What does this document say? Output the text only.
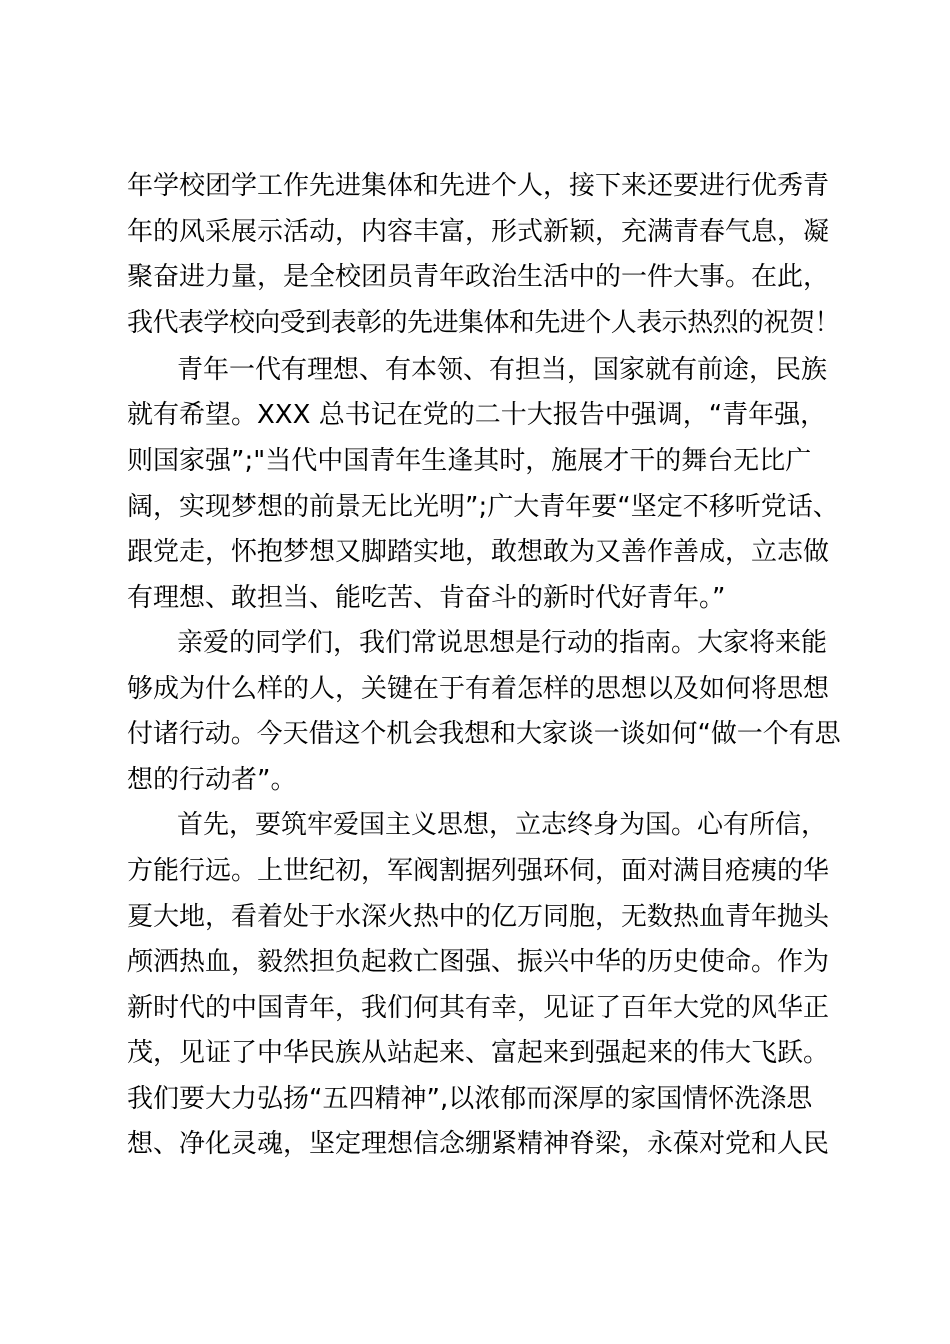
年学校团学工作先进集体和先进个人，接下来还要进行优秀青
年的风采展示活动，内容丰富，形式新颖，充满青春气息，凝
聚奋进力量，是全校团员青年政治生活中的一件大事。在此，
我代表学校向受到表彰的先进集体和先进个人表示热烈的祝贺！
青年一代有理想、有本领、有担当，国家就有前途，民族
就有希望。XXX 总书记在党的二十大报告中强调，“青年强，
则国家强”;"当代中国青年生逢其时，施展才干的舞台无比广
阔，实现梦想的前景无比光明”;广大青年要“坚定不移听党话、
跟党走，怀抱梦想又脚踏实地，敢想敢为又善作善成，立志做
有理想、敢担当、能吃苦、肯奋斗的新时代好青年。”
亲爱的同学们，我们常说思想是行动的指南。大家将来能
够成为什么样的人，关键在于有着怎样的思想以及如何将思想
付诸行动。今天借这个机会我想和大家谈一谈如何“做一个有思
想的行动者”。
首先，要筑牢爱国主义思想，立志终身为国。心有所信，
方能行远。上世纪初，军阀割据列强环伺，面对满目疮痍的华
夏大地，看着处于水深火热中的亿万同胞，无数热血青年抛头
颅洒热血，毅然担负起救亡图强、振兴中华的历史使命。作为
新时代的中国青年，我们何其有幸，见证了百年大党的风华正
茂，见证了中华民族从站起来、富起来到强起来的伟大飞跃。
我们要大力弘扬“五四精神”,以浓郁而深厚的家国情怀洗涤思
想、净化灵魂，坚定理想信念绷紧精神脊梁，永葆对党和人民
